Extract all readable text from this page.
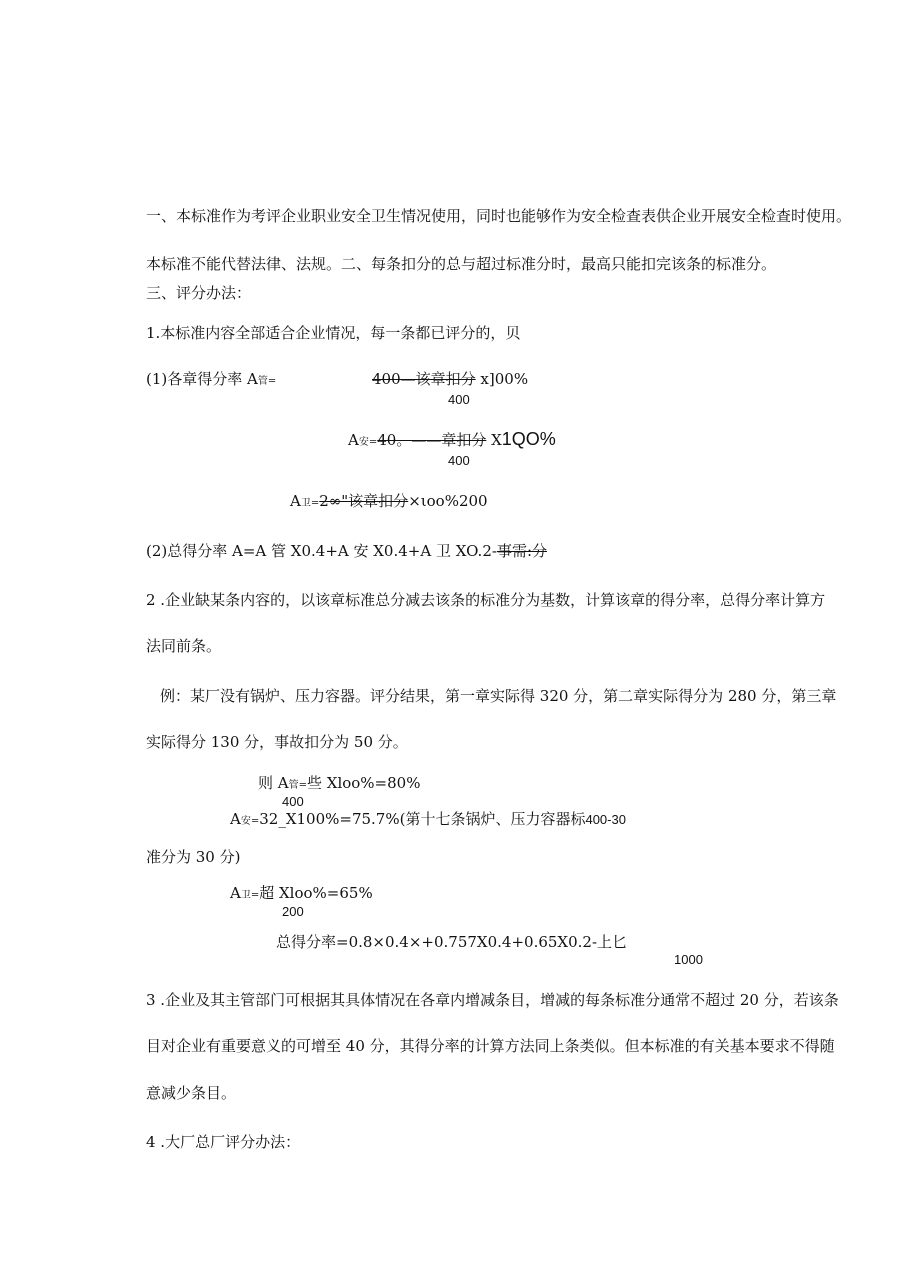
一、本标准作为考评企业职业安全卫生情况使用，同时也能够作为安全检查表供企业开展安全检查时使用。
本标准不能代替法律、法规。二、每条扣分的总与超过标准分时，最高只能扣完该条的标准分。
三、评分办法：
1.本标准内容全部适合企业情况，每一条都已评分的，贝
(1)各章得分率 A管=	400—该章扣分 x]00%
400
A安=40。——章扣分 X1QO%
400
A卫=2∞"该章扣分×ιoo%200
(2)总得分率 A=A 管 X0.4+A 安 X0.4+A 卫 XO.2-事需:分
2 .企业缺某条内容的，以该章标准总分减去该条的标准分为基数，计算该章的得分率，总得分率计算方
法同前条。
例：某厂没有锅炉、压力容器。评分结果，第一章实际得 320 分，第二章实际得分为 280 分，第三章
实际得分 130 分，事故扣分为 50 分。
则 A管=些 Xloo%=80%
400
A安=32_X100%=75.7%(第十七条锅炉、压力容器标400-30
准分为 30 分)
A卫=超 Xloo%=65%
200
总得分率=0.8×0.4×+0.757X0.4+0.65X0.2-上匕
1000
3 .企业及其主管部门可根据其具体情况在各章内增减条目，增减的每条标准分通常不超过 20 分，若该条
目对企业有重要意义的可增至 40 分，其得分率的计算方法同上条类似。但本标准的有关基本要求不得随
意减少条目。
4 .大厂总厂评分办法：
